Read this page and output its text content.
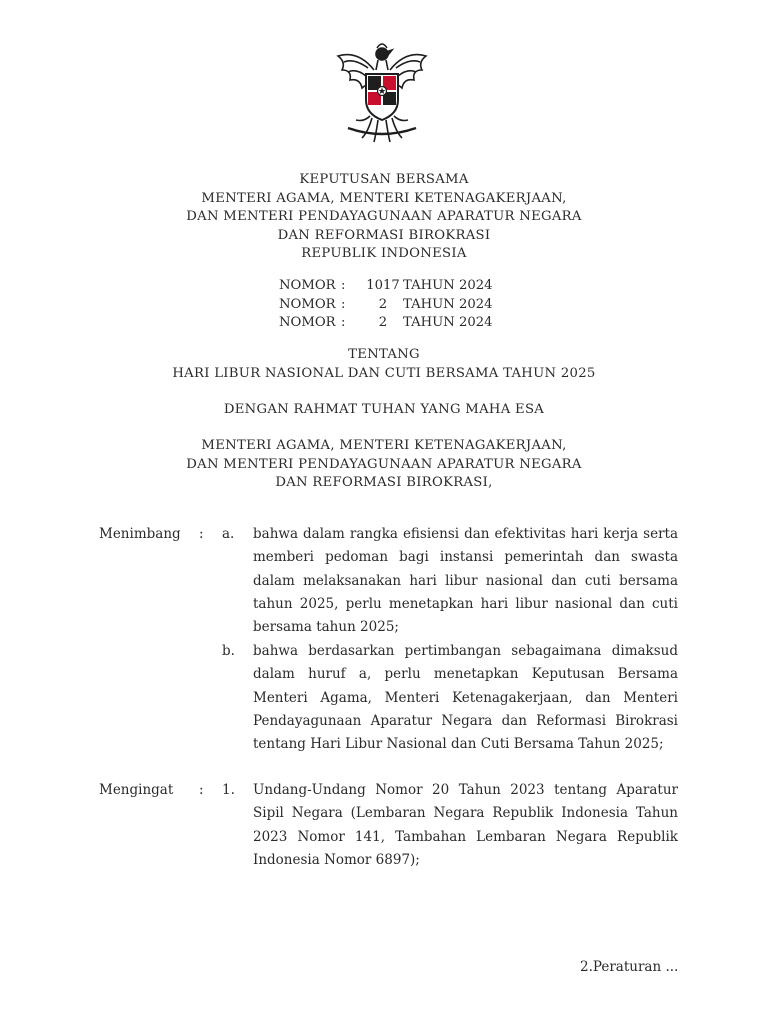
KEPUTUSAN BERSAMA
MENTERI AGAMA, MENTERI KETENAGAKERJAAN,
DAN MENTERI PENDAYAGUNAAN APARATUR NEGARA
DAN REFORMASI BIROKRASI
REPUBLIK INDONESIA
NOMOR :	1017 TAHUN 2024
NOMOR :	2	TAHUN 2024
NOMOR :	2	TAHUN 2024
TENTANG
HARI LIBUR NASIONAL DAN CUTI BERSAMA TAHUN 2025
DENGAN RAHMAT TUHAN YANG MAHA ESA
MENTERI AGAMA, MENTERI KETENAGAKERJAAN,
DAN MENTERI PENDAYAGUNAAN APARATUR NEGARA
DAN REFORMASI BIROKRASI,
Menimbang : a. bahwa dalam rangka efisiensi dan efektivitas hari kerja serta memberi pedoman bagi instansi pemerintah dan swasta dalam melaksanakan hari libur nasional dan cuti bersama tahun 2025, perlu menetapkan hari libur nasional dan cuti bersama tahun 2025;
b. bahwa berdasarkan pertimbangan sebagaimana dimaksud dalam huruf a, perlu menetapkan Keputusan Bersama Menteri Agama, Menteri Ketenagakerjaan, dan Menteri Pendayagunaan Aparatur Negara dan Reformasi Birokrasi tentang Hari Libur Nasional dan Cuti Bersama Tahun 2025;
Mengingat : 1. Undang-Undang Nomor 20 Tahun 2023 tentang Aparatur Sipil Negara (Lembaran Negara Republik Indonesia Tahun 2023 Nomor 141, Tambahan Lembaran Negara Republik Indonesia Nomor 6897);
2.Peraturan ...
